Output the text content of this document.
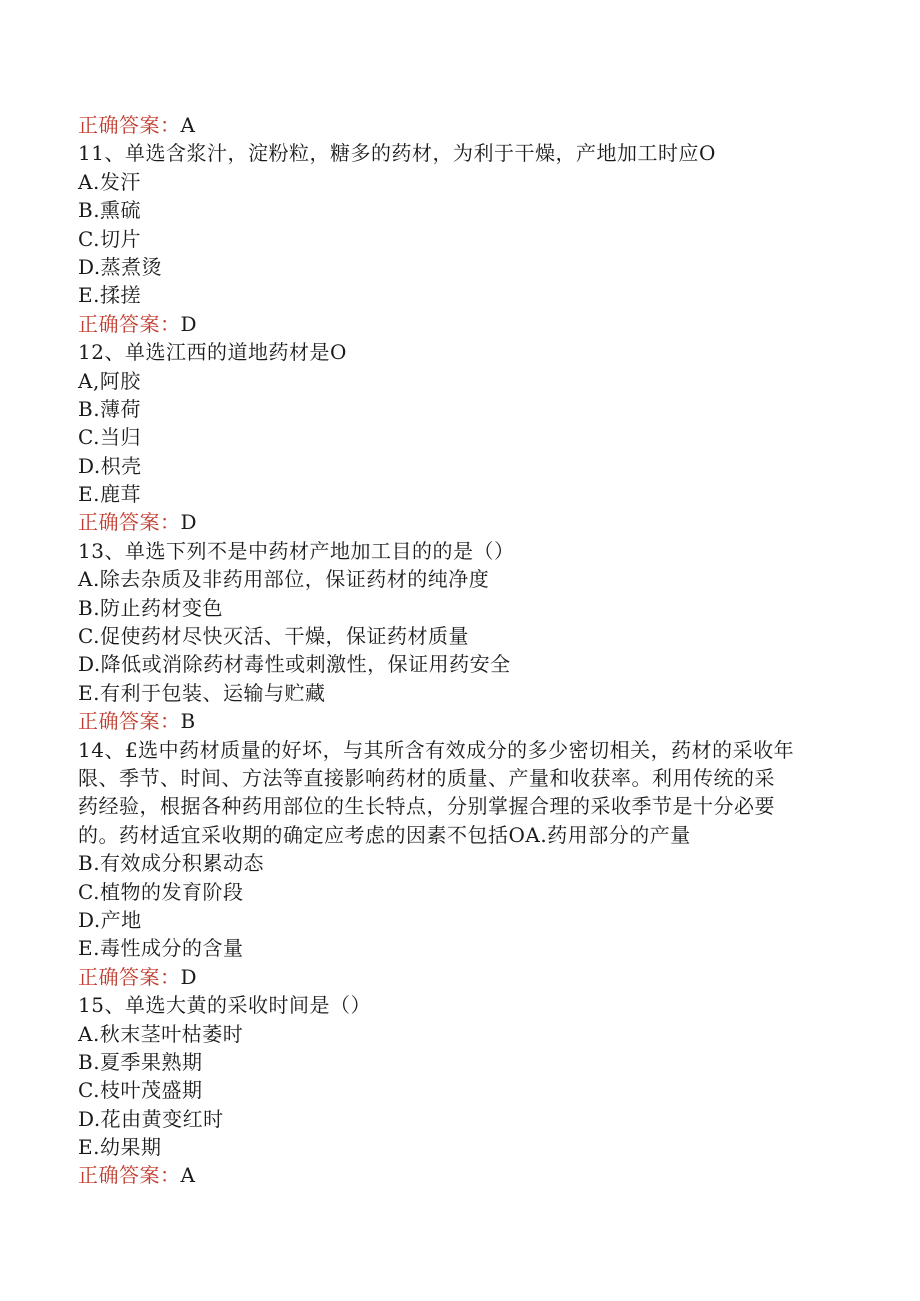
正确答案：A
11、单选含浆汁，淀粉粒，糖多的药材，为利于干燥，产地加工时应O
A.发汗
B.熏硫
C.切片
D.蒸煮烫
E.揉搓
正确答案：D
12、单选江西的道地药材是O
A,阿胶
B.薄荷
C.当归
D.枳壳
E.鹿茸
正确答案：D
13、单选下列不是中药材产地加工目的的是（）
A.除去杂质及非药用部位，保证药材的纯净度
B.防止药材变色
C.促使药材尽快灭活、干燥，保证药材质量
D.降低或消除药材毒性或刺激性，保证用药安全
E.有利于包装、运输与贮藏
正确答案：B
14、£选中药材质量的好坏，与其所含有效成分的多少密切相关，药材的采收年
限、季节、时间、方法等直接影响药材的质量、产量和收获率。利用传统的采
药经验，根据各种药用部位的生长特点，分别掌握合理的采收季节是十分必要
的。药材适宜采收期的确定应考虑的因素不包括OA.药用部分的产量
B.有效成分积累动态
C.植物的发育阶段
D.产地
E.毒性成分的含量
正确答案：D
15、单选大黄的采收时间是（）
A.秋末茎叶枯萎时
B.夏季果熟期
C.枝叶茂盛期
D.花由黄变红时
E.幼果期
正确答案：A
